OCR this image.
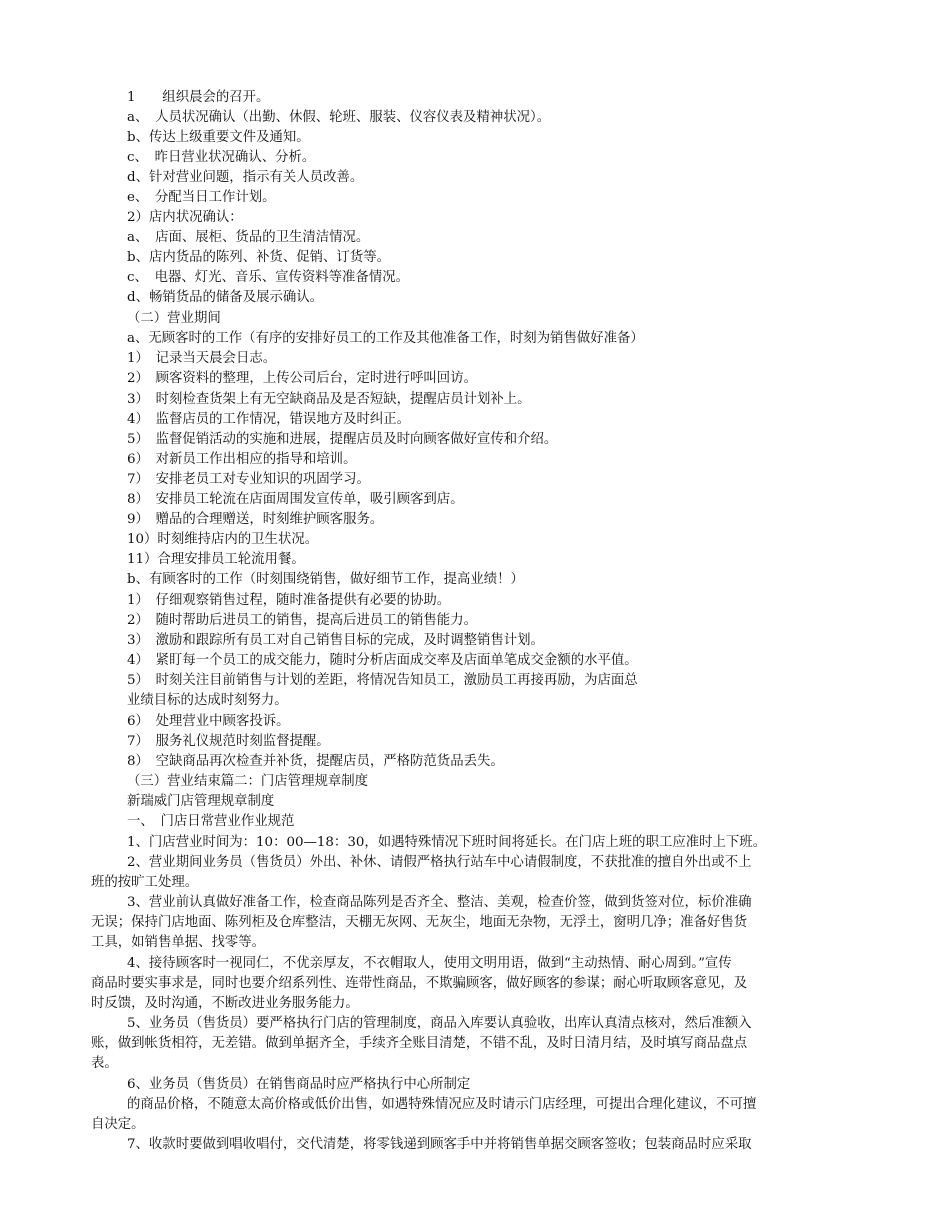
1　　组织晨会的召开。
a、　人员状况确认（出勤、休假、轮班、服装、仪容仪表及精神状况）。
b、传达上级重要文件及通知。
c、　昨日营业状况确认、分析。
d、针对营业问题，指示有关人员改善。
e、　分配当日工作计划。
2）店内状况确认：
a、　店面、展柜、货品的卫生清洁情况。
b、店内货品的陈列、补货、促销、订货等。
c、　电器、灯光、音乐、宣传资料等准备情况。
d、畅销货品的储备及展示确认。
（二）营业期间
a、无顾客时的工作（有序的安排好员工的工作及其他准备工作，时刻为销售做好准备）
1）　记录当天晨会日志。
2）　顾客资料的整理，上传公司后台，定时进行呼叫回访。
3）　时刻检查货架上有无空缺商品及是否短缺，提醒店员计划补上。
4）　监督店员的工作情况，错误地方及时纠正。
5）　监督促销活动的实施和进展，提醒店员及时向顾客做好宣传和介绍。
6）　对新员工作出相应的指导和培训。
7）　安排老员工对专业知识的巩固学习。
8）　安排员工轮流在店面周围发宣传单，吸引顾客到店。
9）　赠品的合理赠送，时刻维护顾客服务。
10）时刻维持店内的卫生状况。
11）合理安排员工轮流用餐。
b、有顾客时的工作（时刻围绕销售，做好细节工作，提高业绩！）
1）　仔细观察销售过程，随时准备提供有必要的协助。
2）　随时帮助后进员工的销售，提高后进员工的销售能力。
3）　激励和跟踪所有员工对自己销售目标的完成，及时调整销售计划。
4）　紧盯每一个员工的成交能力，随时分析店面成交率及店面单笔成交金额的水平值。
5）　时刻关注目前销售与计划的差距，将情况告知员工，激励员工再接再励，为店面总
业绩目标的达成时刻努力。
6）　处理营业中顾客投诉。
7）　服务礼仪规范时刻监督提醒。
8）　空缺商品再次检查并补货，提醒店员，严格防范货品丢失。
（三）营业结束篇二：门店管理规章制度
新瑞威门店管理规章制度
一、　门店日常营业作业规范
1、门店营业时间为：10：00—18：30，如遇特殊情况下班时间将延长。在门店上班的职工应准时上下班。
2、营业期间业务员（售货员）外出、补休、请假严格执行站车中心请假制度，不获批准的擅自外出或不上
班的按旷工处理。
3、营业前认真做好准备工作，检查商品陈列是否齐全、整洁、美观，检查价签，做到货签对位，标价准确
无误；保持门店地面、陈列柜及仓库整洁，天棚无灰网、无灰尘，地面无杂物，无浮土，窗明几净；准备好售货
工具，如销售单据、找零等。
4、接待顾客时一视同仁，不优亲厚友，不衣帽取人，使用文明用语，做到“主动热情、耐心周到。”宣传
商品时要实事求是，同时也要介绍系列性、连带性商品，不欺骗顾客，做好顾客的参谋；耐心听取顾客意见，及
时反馈，及时沟通，不断改进业务服务能力。
5、业务员（售货员）要严格执行门店的管理制度，商品入库要认真验收，出库认真清点核对，然后准额入
账，做到帐货相符，无差错。做到单据齐全，手续齐全账目清楚，不错不乱，及时日清月结，及时填写商品盘点
表。
6、业务员（售货员）在销售商品时应严格执行中心所制定
的商品价格，不随意太高价格或低价出售，如遇特殊情况应及时请示门店经理，可提出合理化建议，不可擅
自决定。
7、收款时要做到唱收唱付，交代清楚，将零钱递到顾客手中并将销售单据交顾客签收；包装商品时应采取
